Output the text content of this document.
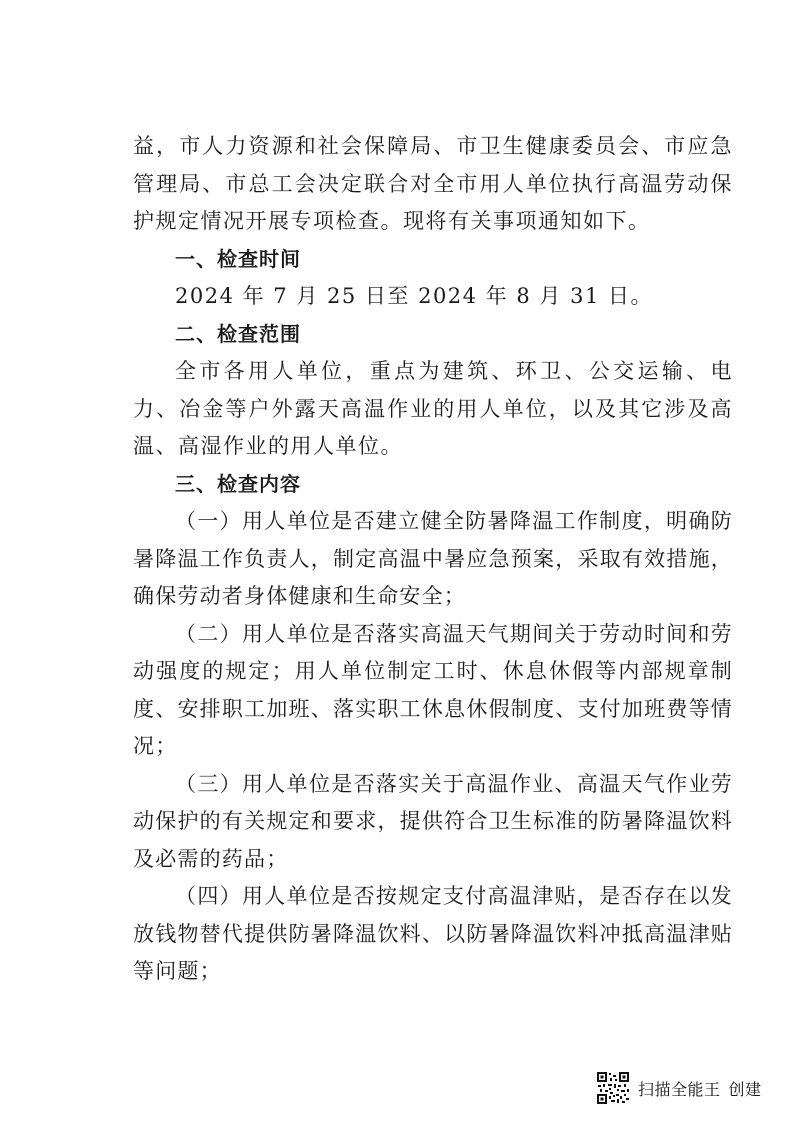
益，市人力资源和社会保障局、市卫生健康委员会、市应急管理局、市总工会决定联合对全市用人单位执行高温劳动保护规定情况开展专项检查。现将有关事项通知如下。

一、检查时间

2024 年 7 月 25 日至 2024 年 8 月 31 日。

二、检查范围

全市各用人单位，重点为建筑、环卫、公交运输、电力、冶金等户外露天高温作业的用人单位，以及其它涉及高温、高湿作业的用人单位。

三、检查内容

（一）用人单位是否建立健全防暑降温工作制度，明确防暑降温工作负责人，制定高温中暑应急预案，采取有效措施，确保劳动者身体健康和生命安全；

（二）用人单位是否落实高温天气期间关于劳动时间和劳动强度的规定；用人单位制定工时、休息休假等内部规章制度、安排职工加班、落实职工休息休假制度、支付加班费等情况；

（三）用人单位是否落实关于高温作业、高温天气作业劳动保护的有关规定和要求，提供符合卫生标准的防暑降温饮料及必需的药品；

（四）用人单位是否按规定支付高温津贴，是否存在以发放钱物替代提供防暑降温饮料、以防暑降温饮料冲抵高温津贴等问题；

扫描全能王 创建
